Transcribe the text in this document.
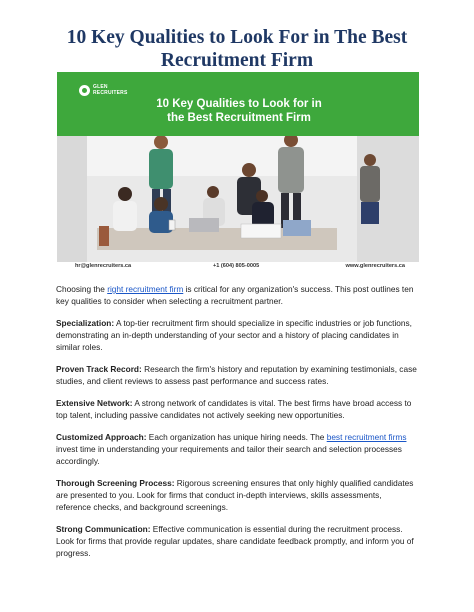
10 Key Qualities to Look For in The Best
Recruitment Firm
GLEN
RECRUITERS
10 Key Qualities to Look for in
the Best Recruitment Firm
hr@glenrecruiters.ca	+1 (604) 805-0005	www.glenrecruiters.ca

Choosing the right recruitment firm is critical for any organization's success. This post outlines ten key qualities to consider when selecting a recruitment partner.

Specialization: A top-tier recruitment firm should specialize in specific industries or job functions, demonstrating an in-depth understanding of your sector and a history of placing candidates in similar roles.

Proven Track Record: Research the firm's history and reputation by examining testimonials, case studies, and client reviews to assess past performance and success rates.

Extensive Network: A strong network of candidates is vital. The best firms have broad access to top talent, including passive candidates not actively seeking new opportunities.

Customized Approach: Each organization has unique hiring needs. The best recruitment firms invest time in understanding your requirements and tailor their search and selection processes accordingly.

Thorough Screening Process: Rigorous screening ensures that only highly qualified candidates are presented to you. Look for firms that conduct in-depth interviews, skills assessments, reference checks, and background screenings.

Strong Communication: Effective communication is essential during the recruitment process. Look for firms that provide regular updates, share candidate feedback promptly, and inform you of progress.
